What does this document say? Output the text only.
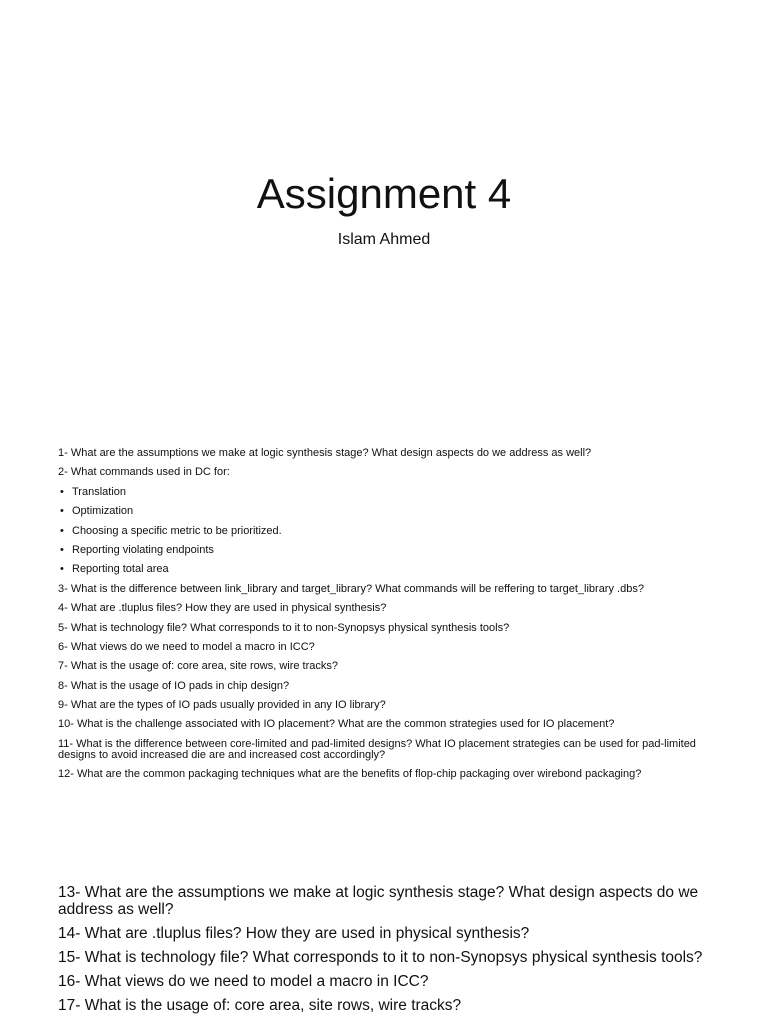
Assignment 4
Islam Ahmed
1- What are the assumptions we make at logic synthesis stage? What design aspects do we address as well?
2- What commands used in DC for:
• Translation
• Optimization
• Choosing a specific metric to be prioritized.
• Reporting violating endpoints
• Reporting total area
3- What is the difference between link_library and target_library? What commands will be reffering to target_library .dbs?
4- What are .tluplus files? How they are used in physical synthesis?
5- What is technology file? What corresponds to it to non-Synopsys physical synthesis tools?
6- What views do we need to model a macro in ICC?
7- What is the usage of: core area, site rows, wire tracks?
8- What is the usage of IO pads in chip design?
9- What are the types of IO pads usually provided in any IO library?
10- What is the challenge associated with IO placement? What are the common strategies used for IO placement?
11- What is the difference between core-limited and pad-limited designs? What IO placement strategies can be used for pad-limited designs to avoid increased die are and increased cost accordingly?
12- What are the common packaging techniques what are the benefits of flop-chip packaging over wirebond packaging?
13- What are the assumptions we make at logic synthesis stage? What design aspects do we address as well?
14- What are .tluplus files? How they are used in physical synthesis?
15- What is technology file? What corresponds to it to non-Synopsys physical synthesis tools?
16- What views do we need to model a macro in ICC?
17- What is the usage of: core area, site rows, wire tracks?
